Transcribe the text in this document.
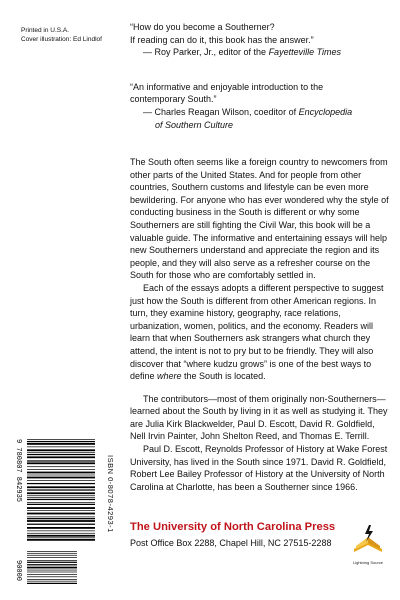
Printed in U.S.A.
Cover illustration: Ed Lindlof

“How do you become a Southerner?

If reading can do it, this book has the answer.”

— Roy Parker, Jr., editor of the Fayetteville Times

“An informative and enjoyable introduction to the

contemporary South.”

— Charles Reagan Wilson, coeditor of Encyclopedia

of Southern Culture

The South often seems like a foreign country to newcomers from other parts of the United States. And for people from other countries, Southern customs and lifestyle can be even more bewildering. For anyone who has ever wondered why the style of conducting business in the South is different or why some Southerners are still fighting the Civil War, this book will be a valuable guide. The informative and entertaining essays will help new Southerners understand and appreciate the region and its people, and they will also serve as a refresher course on the South for those who are comfortably settled in.

Each of the essays adopts a different perspective to suggest just how the South is different from other American regions. In turn, they examine history, geography, race relations, urbanization, women, politics, and the economy. Readers will learn that when Southerners ask strangers what church they attend, the intent is not to pry but to be friendly. They will also discover that “where kudzu grows” is one of the best ways to define where the South is located.

The contributors—most of them originally non-Southerners—learned about the South by living in it as well as studying it. They are Julia Kirk Blackwelder, Paul D. Escott, David R. Goldfield, Nell Irvin Painter, John Shelton Reed, and Thomas E. Terrill.

Paul D. Escott, Reynolds Professor of History at Wake Forest University, has lived in the South since 1971. David R. Goldfield, Robert Lee Bailey Professor of History at the University of North Carolina at Charlotte, has been a Southerner since 1966.

The University of North Carolina Press
Post Office Box 2288, Chapel Hill, NC 27515-2288
9 780807 842935
90000
ISBN 0-8078-4293-1
Lightning Source
